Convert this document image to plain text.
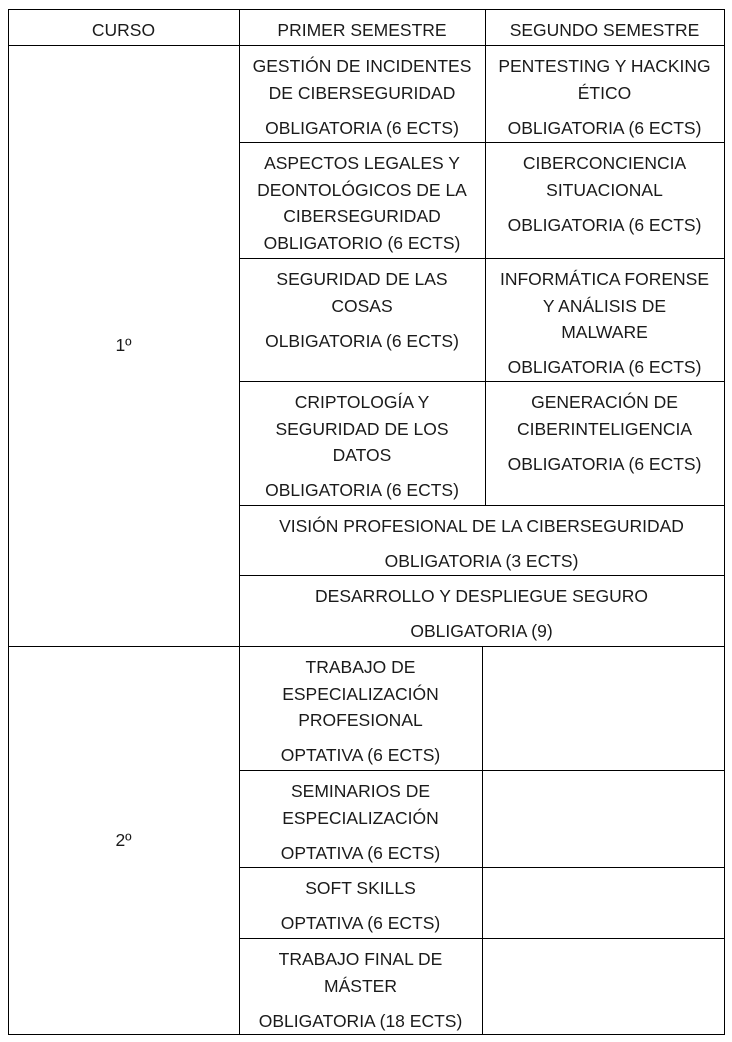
CURSO	PRIMER SEMESTRE	SEGUNDO SEMESTRE
1º
2º
GESTIÓN DE INCIDENTES
DE CIBERSEGURIDAD
OBLIGATORIA (6 ECTS)
PENTESTING Y HACKING
ÉTICO
OBLIGATORIA (6 ECTS)
ASPECTOS LEGALES Y
DEONTOLÓGICOS DE LA
CIBERSEGURIDAD
OBLIGATORIO (6 ECTS)
CIBERCONCIENCIA
SITUACIONAL
OBLIGATORIA (6 ECTS)
SEGURIDAD DE LAS
COSAS
OLBIGATORIA (6 ECTS)
INFORMÁTICA FORENSE
Y ANÁLISIS DE
MALWARE
OBLIGATORIA (6 ECTS)
CRIPTOLOGÍA Y
SEGURIDAD DE LOS
DATOS
OBLIGATORIA (6 ECTS)
GENERACIÓN DE
CIBERINTELIGENCIA
OBLIGATORIA (6 ECTS)
VISIÓN PROFESIONAL DE LA CIBERSEGURIDAD
OBLIGATORIA (3 ECTS)
DESARROLLO Y DESPLIEGUE SEGURO
OBLIGATORIA (9)
TRABAJO DE
ESPECIALIZACIÓN
PROFESIONAL
OPTATIVA (6 ECTS)
SEMINARIOS DE
ESPECIALIZACIÓN
OPTATIVA (6 ECTS)
SOFT SKILLS
OPTATIVA (6 ECTS)
TRABAJO FINAL DE
MÁSTER
OBLIGATORIA (18 ECTS)
